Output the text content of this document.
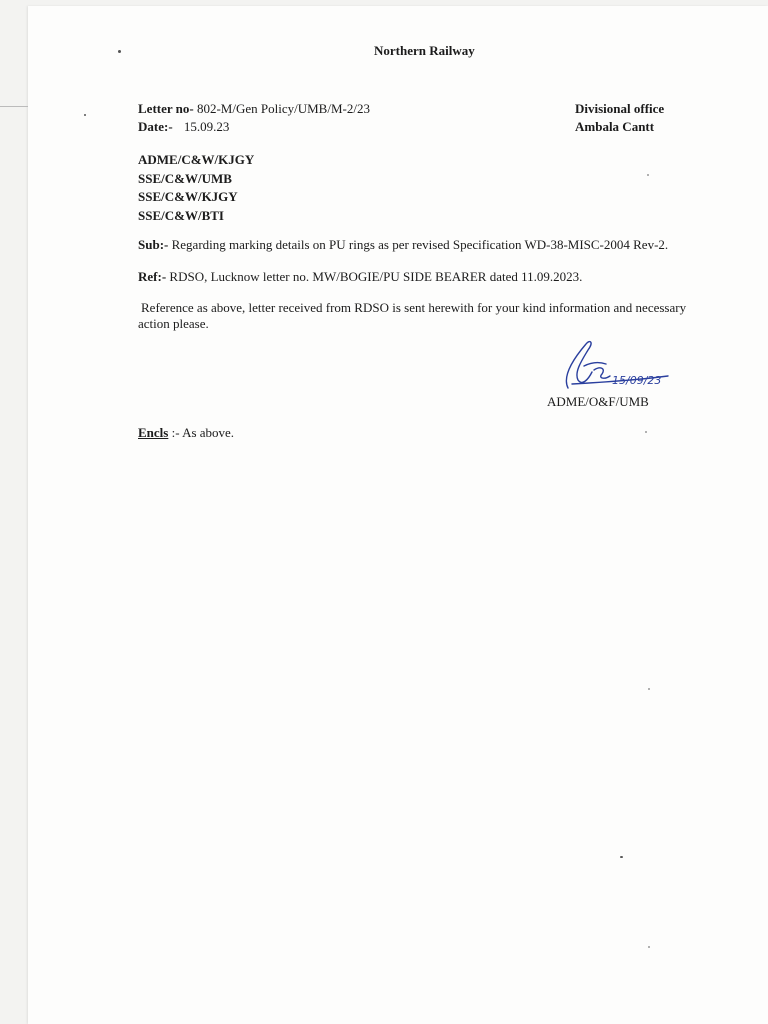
Northern Railway
Letter no- 802-M/Gen Policy/UMB/M-2/23
Date:- 15.09.23
Divisional office
Ambala Cantt
ADME/C&W/KJGY
SSE/C&W/UMB
SSE/C&W/KJGY
SSE/C&W/BTI
Sub:- Regarding marking details on PU rings as per revised Specification WD-38-MISC-2004 Rev-2.
Ref:- RDSO, Lucknow letter no. MW/BOGIE/PU SIDE BEARER dated 11.09.2023.
Reference as above, letter received from RDSO is sent herewith for your kind information and necessary action please.
15/09/23
ADME/O&F/UMB
Encls :- As above.
